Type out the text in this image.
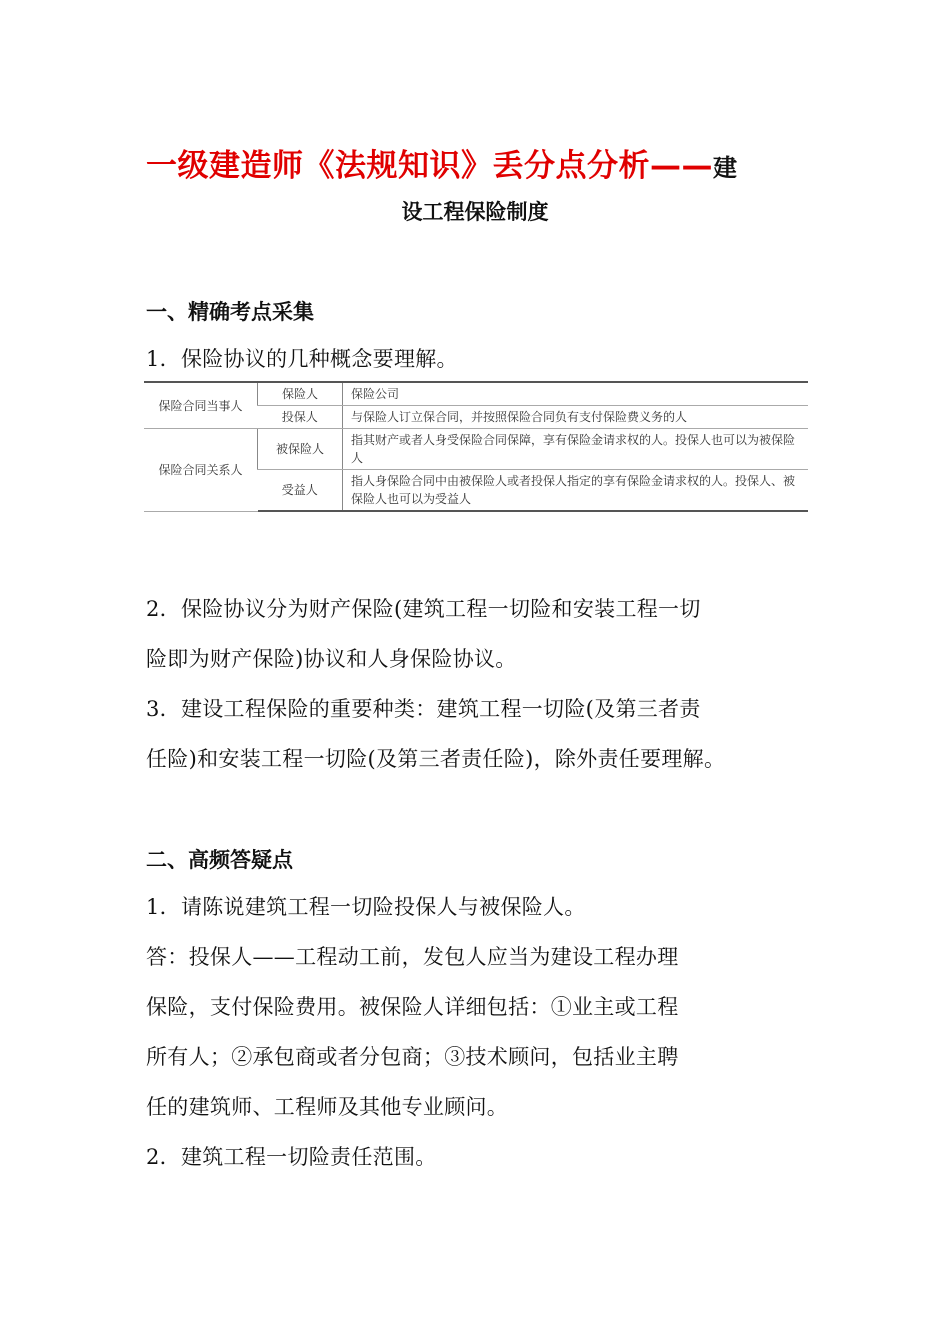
一级建造师《法规知识》丢分点分析——建
设工程保险制度
一、精确考点采集
1．保险协议的几种概念要理解。
保险合同当事人	保险人	保险公司
	投保人	与保险人订立保合同，并按照保险合同负有支付保险费义务的人
保险合同关系人	被保险人	指其财产或者人身受保险合同保障，享有保险金请求权的人。投保人也可以为被保险人
	受益人	指人身保险合同中由被保险人或者投保人指定的享有保险金请求权的人。投保人、被保险人也可以为受益人
2．保险协议分为财产保险(建筑工程一切险和安装工程一切
险即为财产保险)协议和人身保险协议。
3．建设工程保险的重要种类：建筑工程一切险(及第三者责
任险)和安装工程一切险(及第三者责任险)，除外责任要理解。
二、高频答疑点
1．请陈说建筑工程一切险投保人与被保险人。
答：投保人——工程动工前，发包人应当为建设工程办理
保险，支付保险费用。被保险人详细包括：①业主或工程
所有人；②承包商或者分包商；③技术顾问，包括业主聘
任的建筑师、工程师及其他专业顾问。
2．建筑工程一切险责任范围。
